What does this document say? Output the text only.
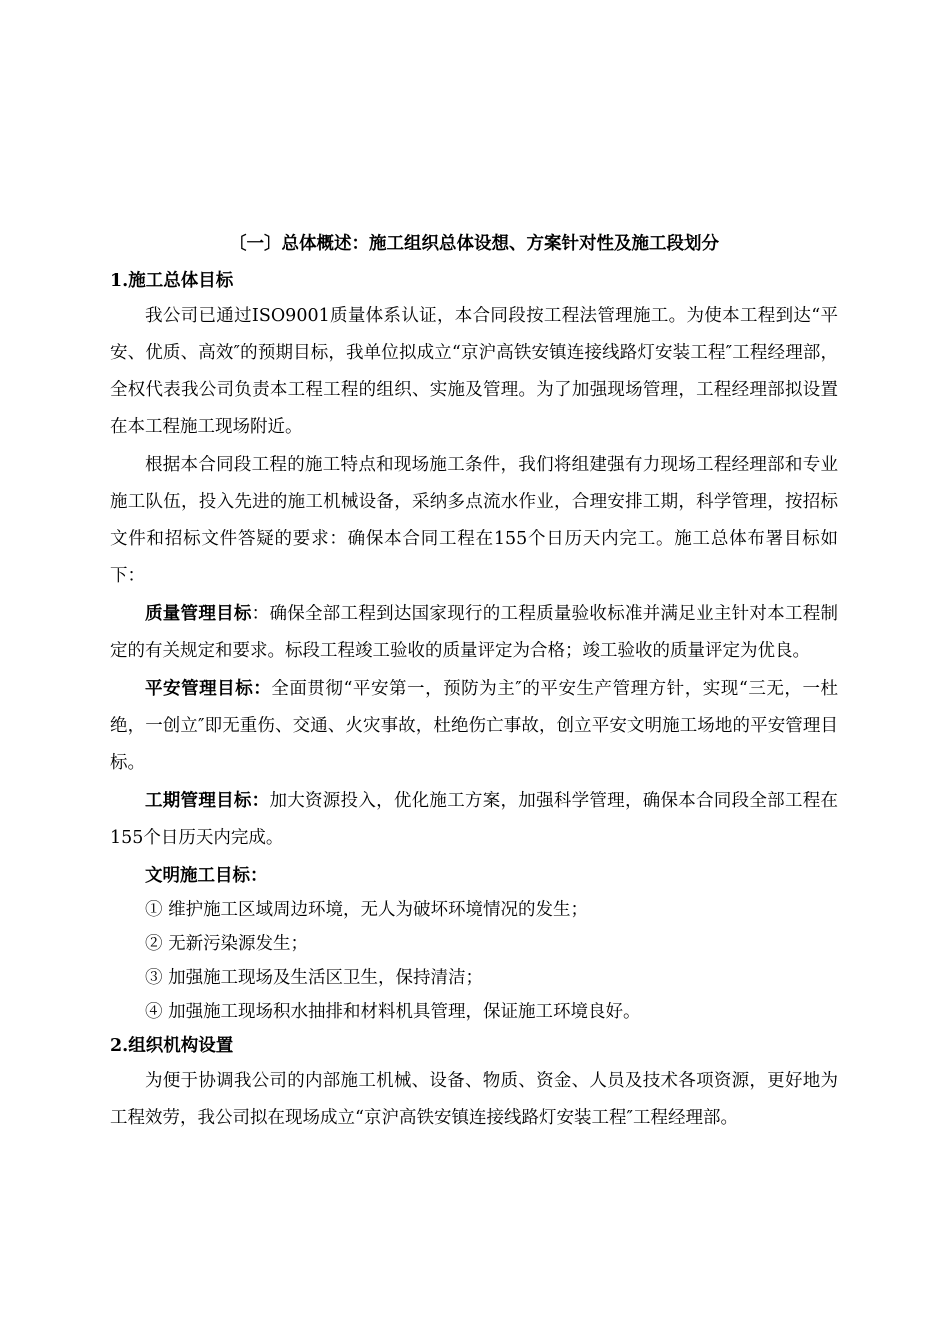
〔一〕总体概述：施工组织总体设想、方案针对性及施工段划分
1.施工总体目标

我公司已通过ISO9001质量体系认证，本合同段按工程法管理施工。为使本工程到达“平安、优质、高效″的预期目标，我单位拟成立“京沪高铁安镇连接线路灯安装工程″工程经理部，全权代表我公司负责本工程工程的组织、实施及管理。为了加强现场管理，工程经理部拟设置在本工程施工现场附近。

根据本合同段工程的施工特点和现场施工条件，我们将组建强有力现场工程经理部和专业施工队伍，投入先进的施工机械设备，采纳多点流水作业，合理安排工期，科学管理，按招标文件和招标文件答疑的要求：确保本合同工程在155个日历天内完工。施工总体布署目标如下：

质量管理目标：确保全部工程到达国家现行的工程质量验收标准并满足业主针对本工程制定的有关规定和要求。标段工程竣工验收的质量评定为合格；竣工验收的质量评定为优良。

平安管理目标：全面贯彻“平安第一，预防为主″的平安生产管理方针，实现“三无，一杜绝，一创立″即无重伤、交通、火灾事故，杜绝伤亡事故，创立平安文明施工场地的平安管理目标。

工期管理目标：加大资源投入，优化施工方案，加强科学管理，确保本合同段全部工程在155个日历天内完成。

文明施工目标：

① 维护施工区域周边环境，无人为破坏环境情况的发生；

② 无新污染源发生；

③ 加强施工现场及生活区卫生，保持清洁；

④ 加强施工现场积水抽排和材料机具管理，保证施工环境良好。

2.组织机构设置

为便于协调我公司的内部施工机械、设备、物质、资金、人员及技术各项资源，更好地为工程效劳，我公司拟在现场成立“京沪高铁安镇连接线路灯安装工程″工程经理部。
